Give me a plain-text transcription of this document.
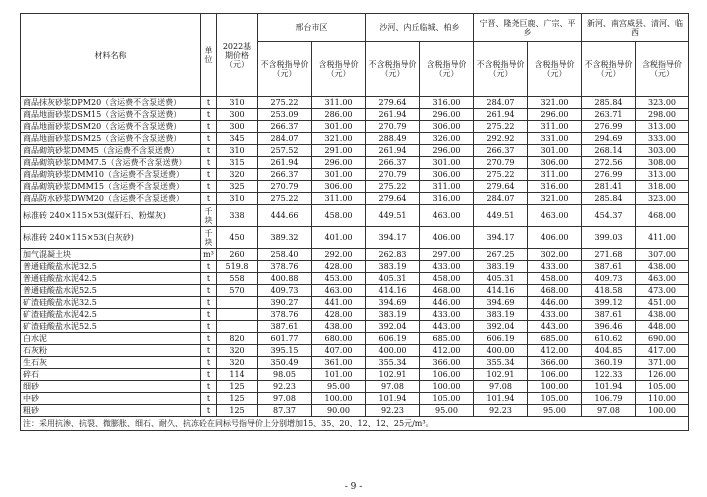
材料名称	单位	2022基期价格（元）	邢台市区		沙河、内丘临城、柏乡		宁晋、隆尧巨鹿、广宗、平乡		新河、南宫威县、清河、临西	
			不含税指导价（元）	含税指导价（元）	不含税指导价（元）	含税指导价（元）	不含税指导价（元）	含税指导价（元）	不含税指导价（元）	含税指导价（元）
商品抹灰砂浆DPM20（含运费不含泵送费）	t	310	275.22	311.00	279.64	316.00	284.07	321.00	285.84	323.00
商品地面砂浆DSM15（含运费不含泵送费）	t	300	253.09	286.00	261.94	296.00	261.94	296.00	263.71	298.00
商品地面砂浆DSM20（含运费不含泵送费）	t	300	266.37	301.00	270.79	306.00	275.22	311.00	276.99	313.00
商品地面砂浆DSM25（含运费不含泵送费）	t	345	284.07	321.00	288.49	326.00	292.92	331.00	294.69	333.00
商品砌筑砂浆DMM5（含运费不含泵送费）	t	310	257.52	291.00	261.94	296.00	266.37	301.00	268.14	303.00
商品砌筑砂浆DMM7.5（含运费不含泵送费）	t	315	261.94	296.00	266.37	301.00	270.79	306.00	272.56	308.00
商品砌筑砂浆DMM10（含运费不含泵送费）	t	320	266.37	301.00	270.79	306.00	275.22	311.00	276.99	313.00
商品砌筑砂浆DMM15（含运费不含泵送费）	t	325	270.79	306.00	275.22	311.00	279.64	316.00	281.41	318.00
商品防水砂浆DWM20（含运费不含泵送费）	t	310	275.22	311.00	279.64	316.00	284.07	321.00	285.84	323.00
标准砖 240×115×53(煤矸石、粉煤灰)	千块	338	444.66	458.00	449.51	463.00	449.51	463.00	454.37	468.00
标准砖 240×115×53(白灰砂)	千块	450	389.32	401.00	394.17	406.00	394.17	406.00	399.03	411.00
加气混凝土块	m³	260	258.40	292.00	262.83	297.00	267.25	302.00	271.68	307.00
普通硅酸盐水泥32.5	t	519.8	378.76	428.00	383.19	433.00	383.19	433.00	387.61	438.00
普通硅酸盐水泥42.5	t	558	400.88	453.00	405.31	458.00	405.31	458.00	409.73	463.00
普通硅酸盐水泥52.5	t	570	409.73	463.00	414.16	468.00	414.16	468.00	418.58	473.00
矿渣硅酸盐水泥32.5	t		390.27	441.00	394.69	446.00	394.69	446.00	399.12	451.00
矿渣硅酸盐水泥42.5	t		378.76	428.00	383.19	433.00	383.19	433.00	387.61	438.00
矿渣硅酸盐水泥52.5	t		387.61	438.00	392.04	443.00	392.04	443.00	396.46	448.00
白水泥	t	820	601.77	680.00	606.19	685.00	606.19	685.00	610.62	690.00
石灰粉	t	320	395.15	407.00	400.00	412.00	400.00	412.00	404.85	417.00
生石灰	t	320	350.49	361.00	355.34	366.00	355.34	366.00	360.19	371.00
碎石	t	114	98.05	101.00	102.91	106.00	102.91	106.00	122.33	126.00
细砂	t	125	92.23	95.00	97.08	100.00	97.08	100.00	101.94	105.00
中砂	t	125	97.08	100.00	101.94	105.00	101.94	105.00	106.79	110.00
粗砂	t	125	87.37	90.00	92.23	95.00	92.23	95.00	97.08	100.00
注：采用抗渗、抗裂、微膨胀、细石、耐久、抗冻砼在同标号指导价上分别增加15、35、20、12、12、25元/m³。										
- 9 -
